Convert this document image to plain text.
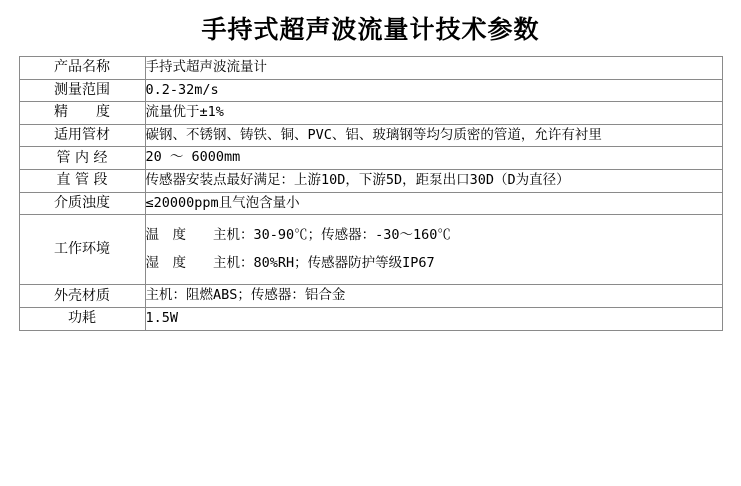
手持式超声波流量计技术参数
产品名称	手持式超声波流量计
测量范围	0.2-32m/s
精　　度	流量优于±1%
适用管材	碳钢、不锈钢、铸铁、铜、PVC、铝、玻璃钢等均匀质密的管道，允许有衬里
管 内 经	20 ～ 6000mm
直 管 段	传感器安装点最好满足：上游10D，下游5D，距泵出口30D（D为直径）
介质浊度	≤20000ppm且气泡含量小
工作环境	温　度　　主机：30-90℃；传感器：-30～160℃
湿　度　　主机：80%RH；传感器防护等级IP67

外壳材质	主机：阻燃ABS；传感器：铝合金
功耗	1.5W
